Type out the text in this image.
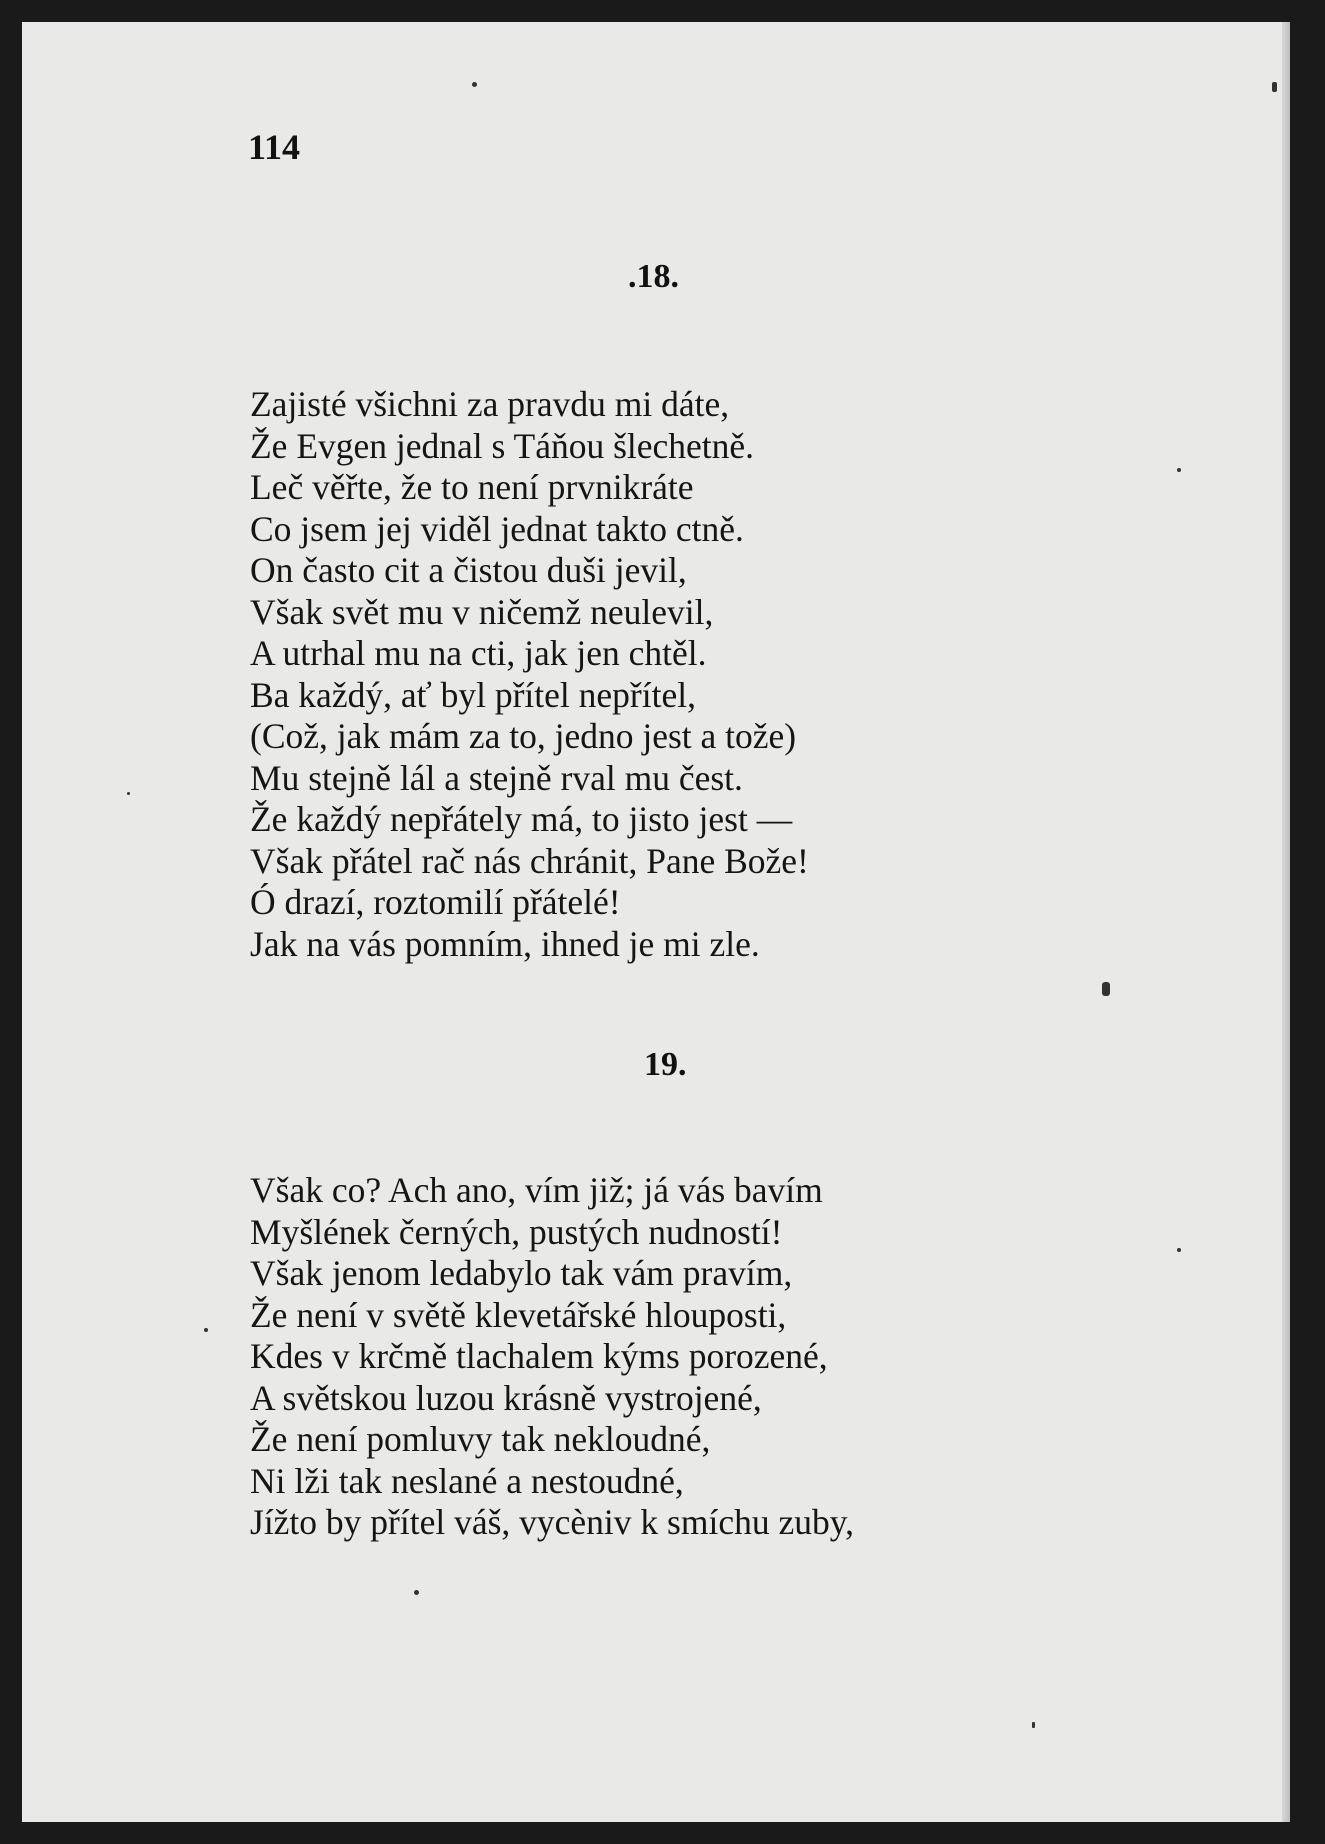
114
.18.
Zajisté všichni za pravdu mi dáte,
Že Evgen jednal s Táňou šlechetně.
Leč věřte, že to není prvnikráte
Co jsem jej viděl jednat takto ctně.
On často cit a čistou duši jevil,
Však svět mu v ničemž neulevil,
A utrhal mu na cti, jak jen chtěl.
Ba každý, ať byl přítel nepřítel,
(Což, jak mám za to, jedno jest a tože)
Mu stejně lál a stejně rval mu čest.
Že každý nepřátely má, to jisto jest —
Však přátel rač nás chránit, Pane Bože!
Ó drazí, roztomilí přátelé!
Jak na vás pomním, ihned je mi zle.
19.
Však co? Ach ano, vím již; já vás bavím
Myšlének černých, pustých nudností!
Však jenom ledabylo tak vám pravím,
Že není v světě klevetářské hlouposti,
Kdes v krčmě tlachalem kýms porozené,
A světskou luzou krásně vystrojené,
Že není pomluvy tak nekloudné,
Ni lži tak neslané a nestoudné,
Jížto by přítel váš, vycèniv k smíchu zuby,
